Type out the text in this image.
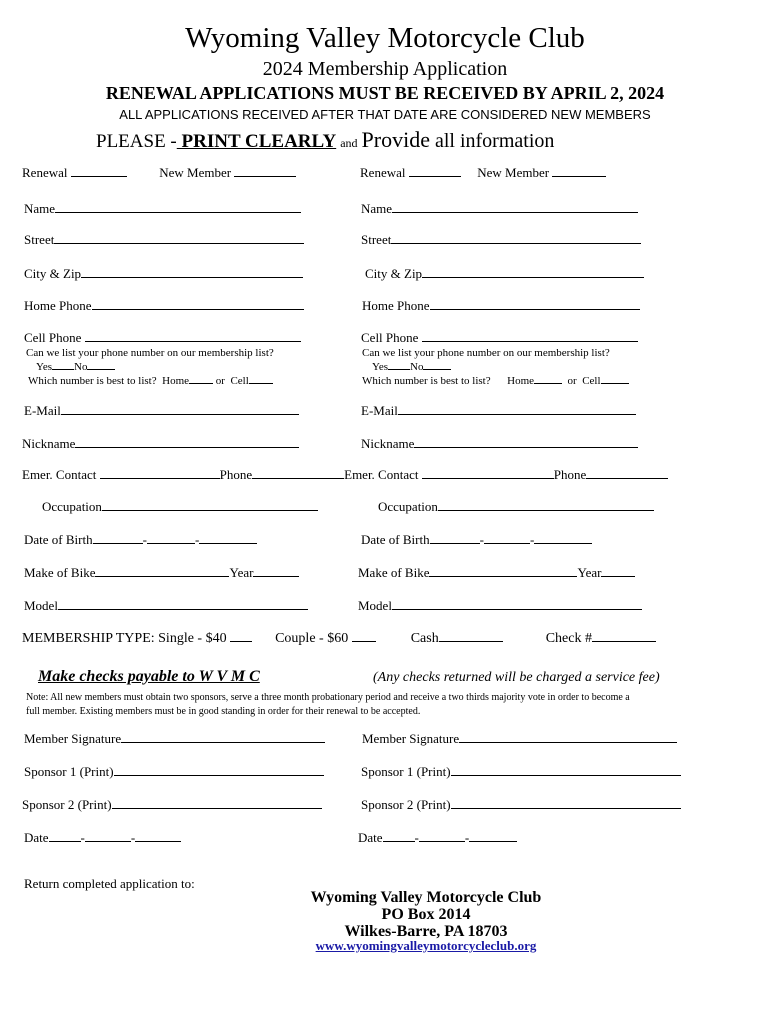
Wyoming Valley Motorcycle Club
2024 Membership Application
RENEWAL APPLICATIONS MUST BE RECEIVED BY APRIL 2, 2024
ALL APPLICATIONS RECEIVED AFTER THAT DATE ARE CONSIDERED NEW MEMBERS
PLEASE - PRINT CLEARLY and Provide all information
Renewal	New Member	Renewal	New Member
Name	Name
Street	Street
City & Zip	City & Zip
Home Phone	Home Phone
Cell Phone
Can we list your phone number on our membership list?
Yes No
Which number is best to list? Home or Cell
Cell Phone
Can we list your phone number on our membership list?
Yes No
Which number is best to list? Home	or Cell
E-Mail	E-Mail
Nickname	Nickname
Emer. Contact	Phone	Emer. Contact	Phone
Occupation	Occupation
Date of Birth	-	-	Date of Birth	-	-
Make of Bike	Year	Make of Bike	Year
Model	Model
MEMBERSHIP TYPE: Single - $40	Couple - $60	Cash	Check #
Make checks payable to W V M C	(Any checks returned will be charged a service fee)
Note: All new members must obtain two sponsors, serve a three month probationary period and receive a two thirds majority vote in order to become a
full member. Existing members must be in good standing in order for their renewal to be accepted.
Member Signature	Member Signature
Sponsor 1 (Print)	Sponsor 1 (Print)
Sponsor 2 (Print)	Sponsor 2 (Print)
Date -	-	Date -	-
Return completed application to:
Wyoming Valley Motorcycle Club
PO Box 2014
Wilkes-Barre, PA 18703
www.wyomingvalleymotorcycleclub.org
